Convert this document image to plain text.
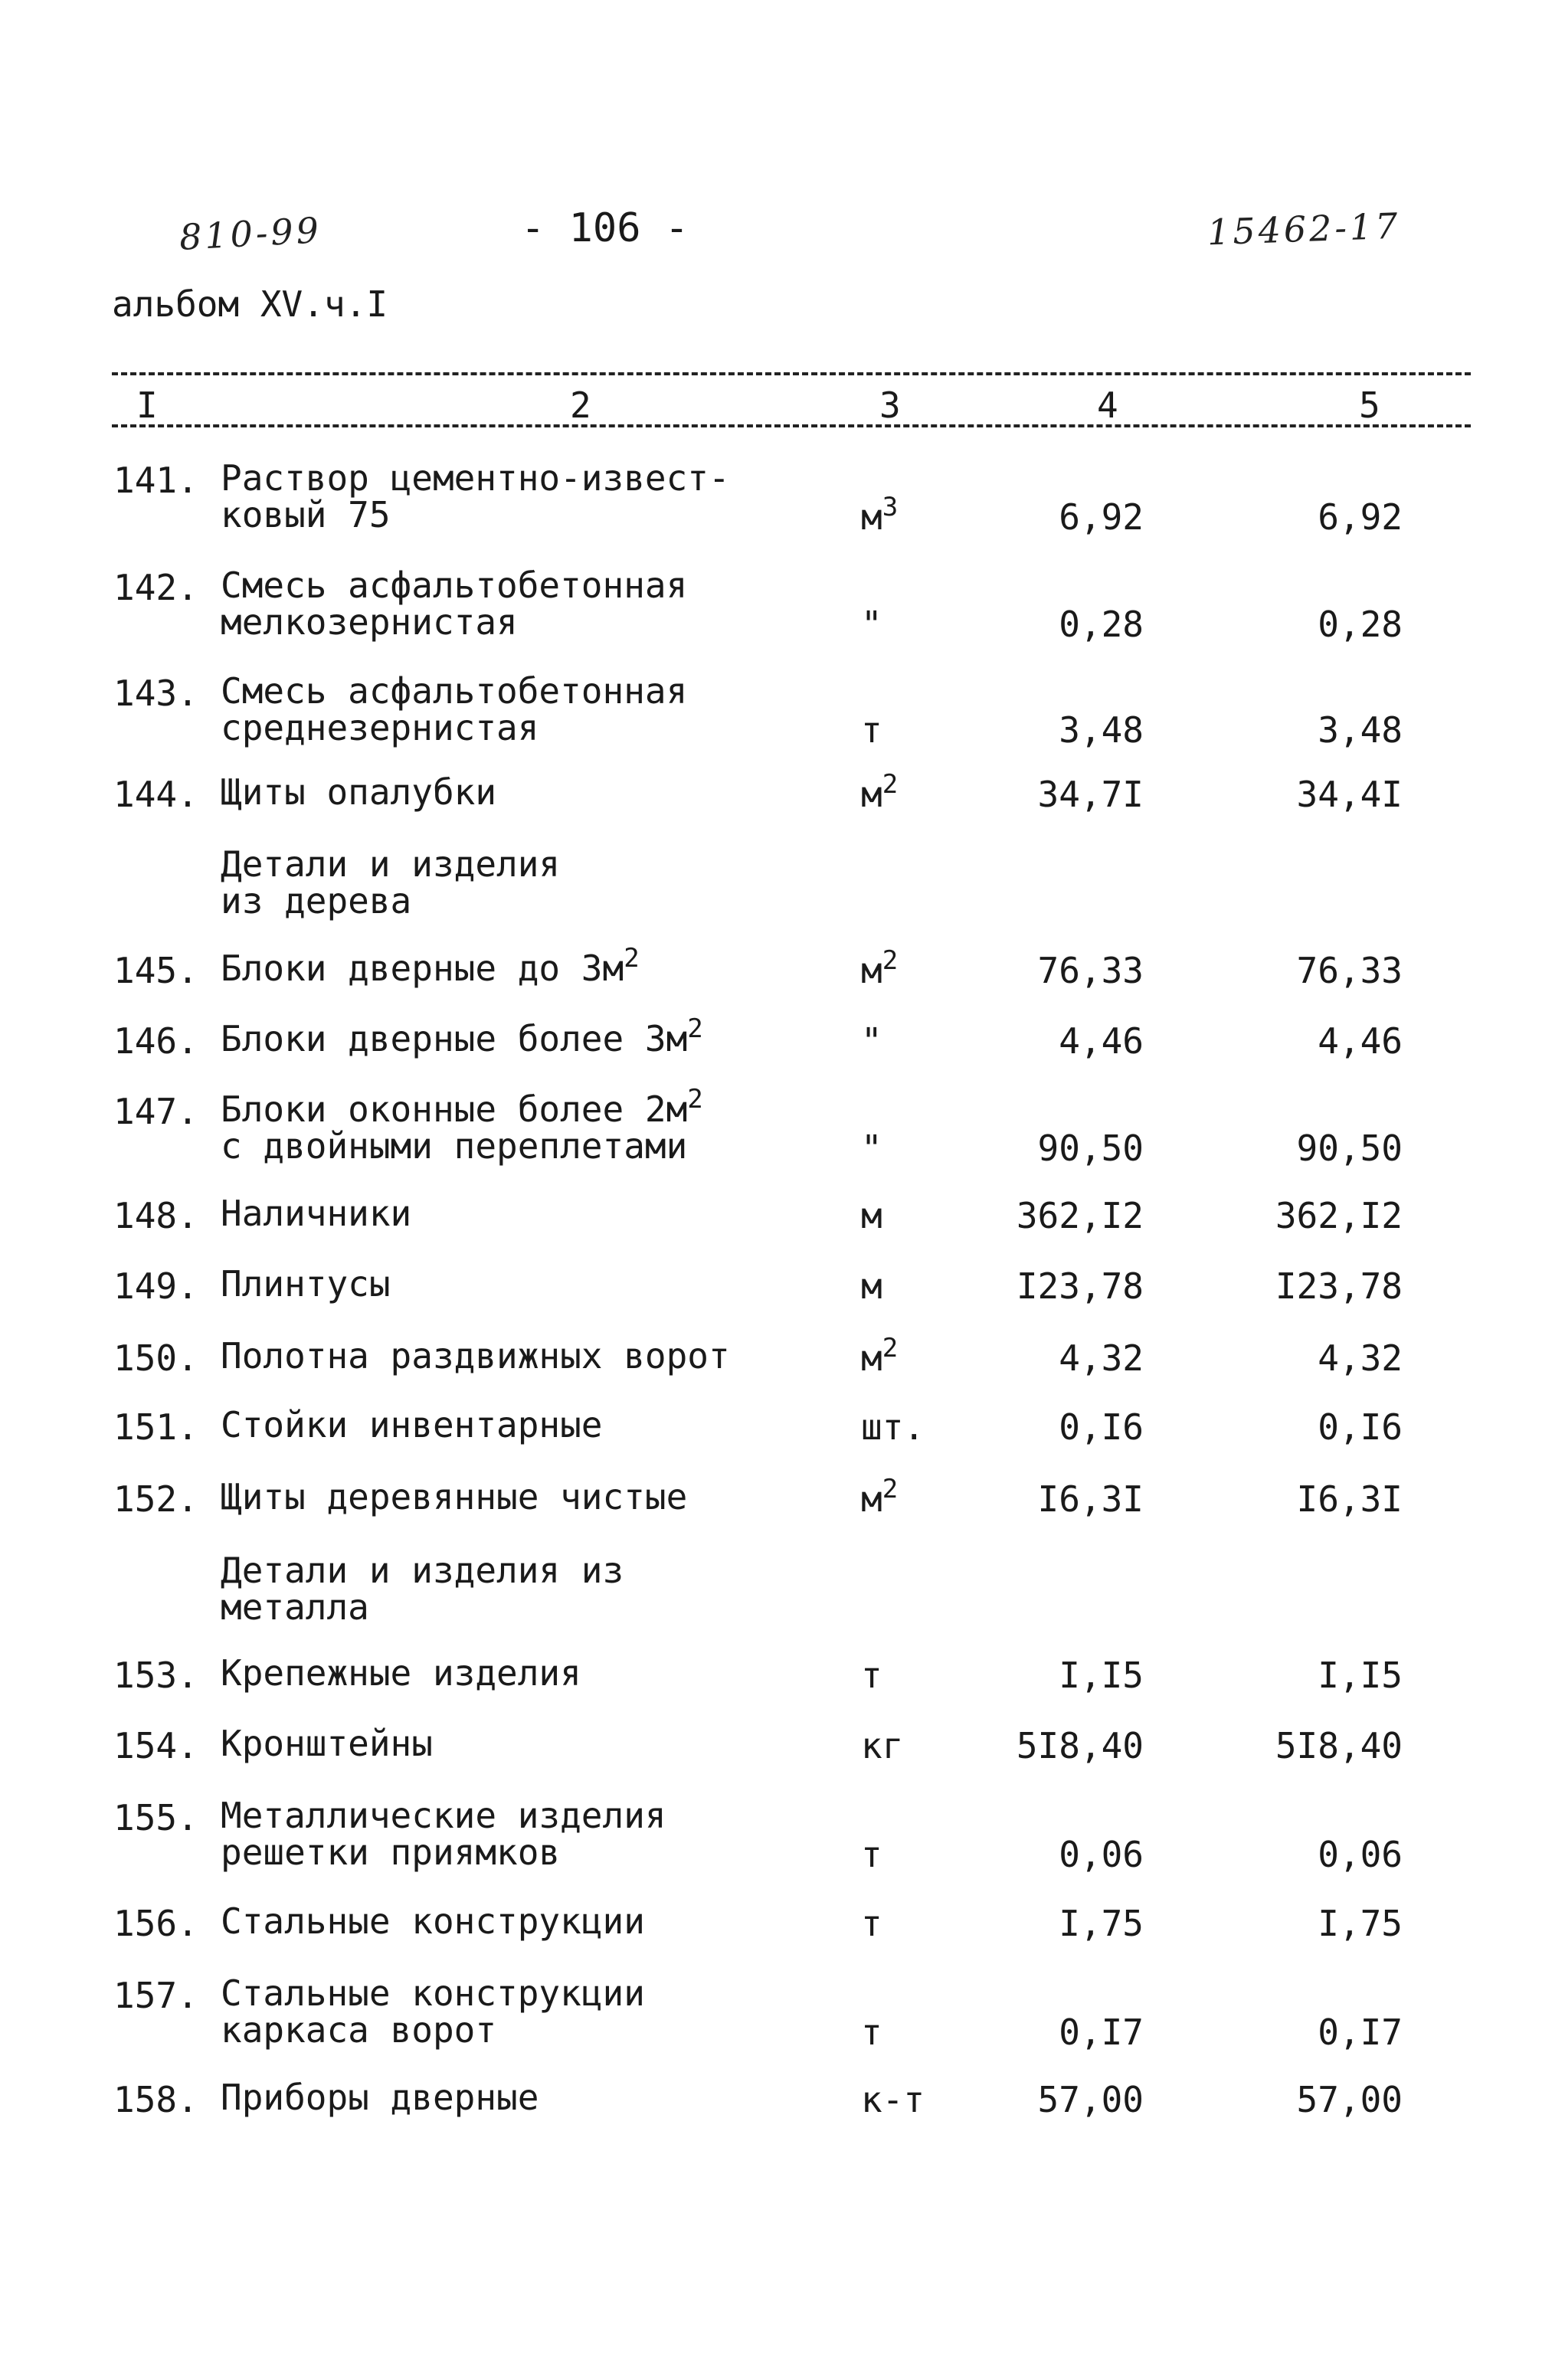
810-99	- 106 -	15462-17
альбом XV.ч.I
I	2	3	4	5
141. Раствор цементно-извест-
ковый 75	$м^3$	6,92	6,92
142. Смесь асфальтобетонная
мелкозернистая	"	0,28	0,28
143. Смесь асфальтобетонная
среднезернистая	т	3,48	3,48
144. Щиты опалубки	$м^2$	34,7I	34,4I
Детали и изделия
из дерева
145. Блоки дверные до $3м^2$	$м^2$	76,33	76,33
146. Блоки дверные более $3м^2$	"	4,46	4,46
147. Блоки оконные более $2м^2$
с двойными переплетами	"	90,50	90,50
148. Наличники	м	362,I2	362,I2
149. Плинтусы	м	I23,78	I23,78
150. Полотна раздвижных ворот	$м^2$	4,32	4,32
151. Стойки инвентарные	шт.	0,I6	0,I6
152. Щиты деревянные чистые	$м^2$	I6,3I	I6,3I
Детали и изделия из
металла
153. Крепежные изделия	т	I,I5	I,I5
154. Кронштейны	кг	5I8,40	5I8,40
155. Металлические изделия
решетки приямков	т	0,06	0,06
156. Стальные конструкции	т	I,75	I,75
157. Стальные конструкции
каркаса ворот	т	0,I7	0,I7
158. Приборы дверные	к-т	57,00	57,00
